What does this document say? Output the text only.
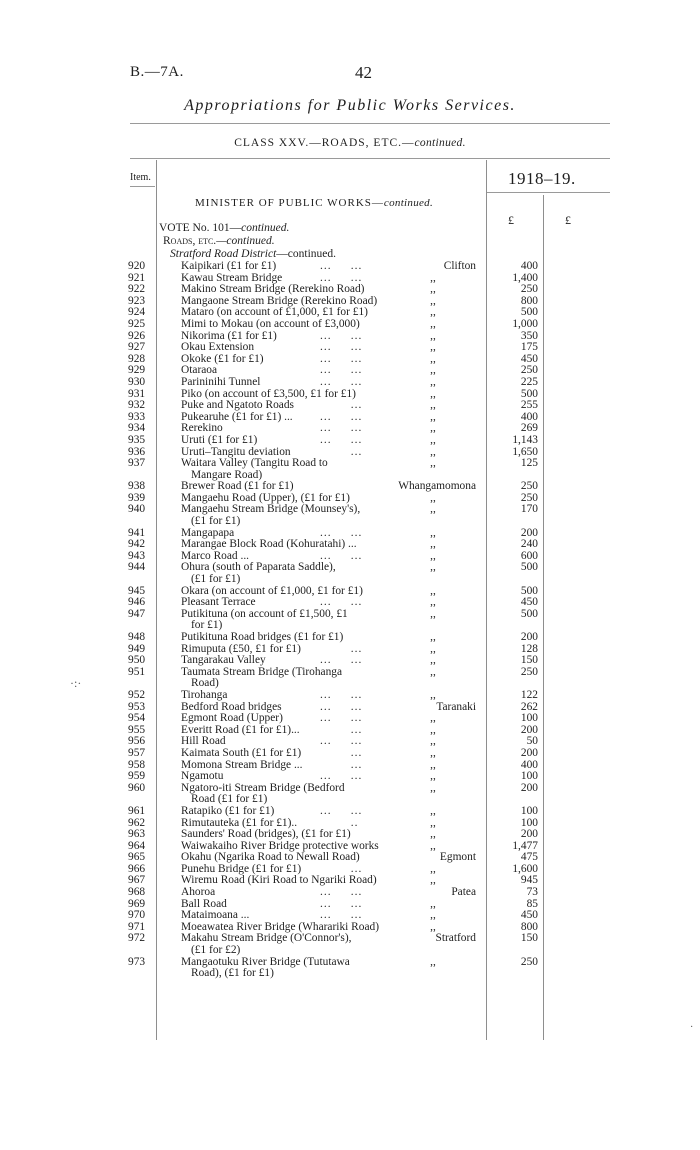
B.—7A.	42
Appropriations for Public Works Services.
CLASS XXV.—ROADS, ETC.—continued.
Item.	1918–19.
MINISTER OF PUBLIC WORKS—continued.
£	£
VOTE No. 101—continued.
Roads, etc.—continued.
Stratford Road District—continued.
920	Kaipikari (£1 for £1)	...     ...	Clifton	400
921	Kawau Stream Bridge	...     ...	,,	1,400
922	Makino Stream Bridge (Rerekino Road)	,,	250
923	Mangaone Stream Bridge (Rerekino Road)	,,	800
924	Mataro (on account of £1,000, £1 for £1)	,,	500
925	Mimi to Mokau (on account of £3,000)	,,	1,000
926	Nikorima (£1 for £1)	...     ...	,,	350
927	Okau Extension	...     ...	,,	175
928	Okoke (£1 for £1)	...     ...	,,	450
929	Otaraoa	...     ...	,,	250
930	Parininihi Tunnel	...     ...	,,	225
931	Piko (on account of £3,500, £1 for £1)	,,	500
932	Puke and Ngatoto Roads	...	,,	255
933	Pukearuhe (£1 for £1) ...	...     ...	,,	400
934	Rerekino	...     ...	,,	269
935	Uruti (£1 for £1)	...     ...	,,	1,143
936	Uruti–Tangitu deviation	...	,,	1,650
937	Waitara Valley (Tangitu Road to
Mangare Road)
,,	125
938	Brewer Road (£1 for £1)	Whangamomona	250
939	Mangaehu Road (Upper), (£1 for £1)	,,	250
940	Mangaehu Stream Bridge (Mounsey's),
(£1 for £1)
,,	170
941	Mangapapa	...     ...	,,	200
942	Marangae Block Road (Kohuratahi) ...	,,	240
943	Marco Road ...	...     ...	,,	600
944	Ohura (south of Paparata Saddle),
(£1 for £1)
,,	500
945	Okara (on account of £1,000, £1 for £1)	,,	500
946	Pleasant Terrace	...     ...	,,	450
947	Putikituna (on account of £1,500, £1
for £1)
,,	500
948	Putikituna Road bridges (£1 for £1)	,,	200
949	Rimuputa (£50, £1 for £1)	...	,,	128
950	Tangarakau Valley	...     ...	,,	150
951	Taumata Stream Bridge (Tirohanga
Road)
,,	250
952	Tirohanga	...     ...	,,	122
953	Bedford Road bridges	...     ...	Taranaki	262
954	Egmont Road (Upper)	...     ...	,,	100
955	Everitt Road (£1 for £1)...	...	,,	200
956	Hill Road	...     ...	,,	50
957	Kaimata South (£1 for £1)	...	,,	200
958	Momona Stream Bridge ...	...	,,	400
959	Ngamotu	...     ...	,,	100
960	Ngatoro-iti Stream Bridge (Bedford
Road (£1 for £1)
,,	200
961	Ratapiko (£1 for £1)	...     ...	,,	100
962	Rimutauteka (£1 for £1)..	..	,,	100
963	Saunders' Road (bridges), (£1 for £1)	,,	200
964	Waiwakaiho River Bridge protective works	,,	1,477
965	Okahu (Ngarika Road to Newall Road)	Egmont	475
966	Punehu Bridge (£1 for £1)	...	,,	1,600
967	Wiremu Road (Kiri Road to Ngariki Road)	,,	945
968	Ahoroa	...     ...	Patea	73
969	Ball Road	...     ...	,,	85
970	Mataimoana ...	...     ...	,,	450
971	Moeawatea River Bridge (Wharariki Road)	,,	800
972	Makahu Stream Bridge (O'Connor's),
(£1 for £2)
Stratford	150
973	Mangaotuku River Bridge (Tututawa
Road), (£1 for £1)
,,	250
·:·
·
